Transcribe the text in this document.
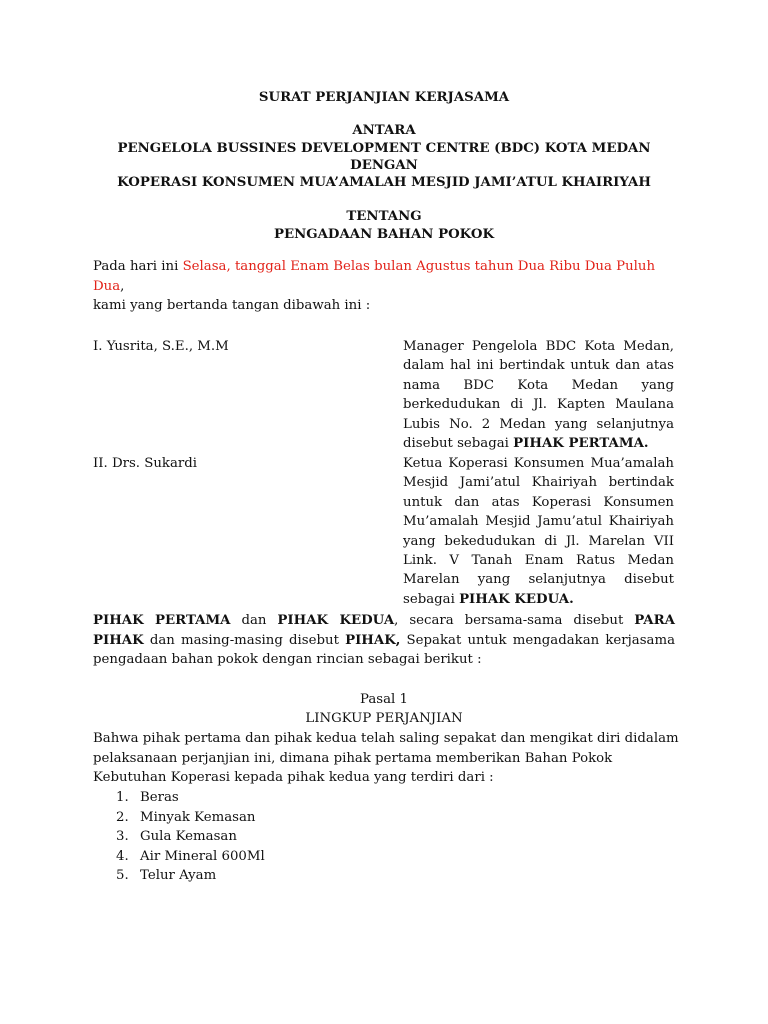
SURAT PERJANJIAN KERJASAMA
ANTARA
PENGELOLA BUSSINES DEVELOPMENT CENTRE (BDC) KOTA MEDAN
DENGAN
KOPERASI KONSUMEN MUA’AMALAH MESJID JAMI’ATUL KHAIRIYAH
TENTANG
PENGADAAN BAHAN POKOK

Pada hari ini Selasa, tanggal Enam Belas bulan Agustus tahun Dua Ribu Dua Puluh Dua,
kami yang bertanda tangan dibawah ini :

I. Yusrita, S.E., M.M	Manager Pengelola BDC Kota Medan, dalam hal ini bertindak untuk dan atas nama BDC Kota Medan yang berkedudukan di Jl. Kapten Maulana Lubis No. 2 Medan yang selanjutnya disebut sebagai PIHAK PERTAMA.
II. Drs. Sukardi	Ketua Koperasi Konsumen Mua’amalah Mesjid Jami’atul Khairiyah bertindak untuk dan atas Koperasi Konsumen Mu’amalah Mesjid Jamu’atul Khairiyah yang bekedudukan di Jl. Marelan VII Link. V Tanah Enam Ratus Medan Marelan yang selanjutnya disebut sebagai PIHAK KEDUA.

PIHAK PERTAMA dan PIHAK KEDUA, secara bersama-sama disebut PARA PIHAK dan masing-masing disebut PIHAK, Sepakat untuk mengadakan kerjasama pengadaan bahan pokok dengan rincian sebagai berikut :

Pasal 1
LINGKUP PERJANJIAN

Bahwa pihak pertama dan pihak kedua telah saling sepakat dan mengikat diri didalam
pelaksanaan perjanjian ini, dimana pihak pertama memberikan Bahan Pokok
Kebutuhan Koperasi kepada pihak kedua yang terdiri dari :

1. Beras
2. Minyak Kemasan
3. Gula Kemasan
4. Air Mineral 600Ml
5. Telur Ayam
